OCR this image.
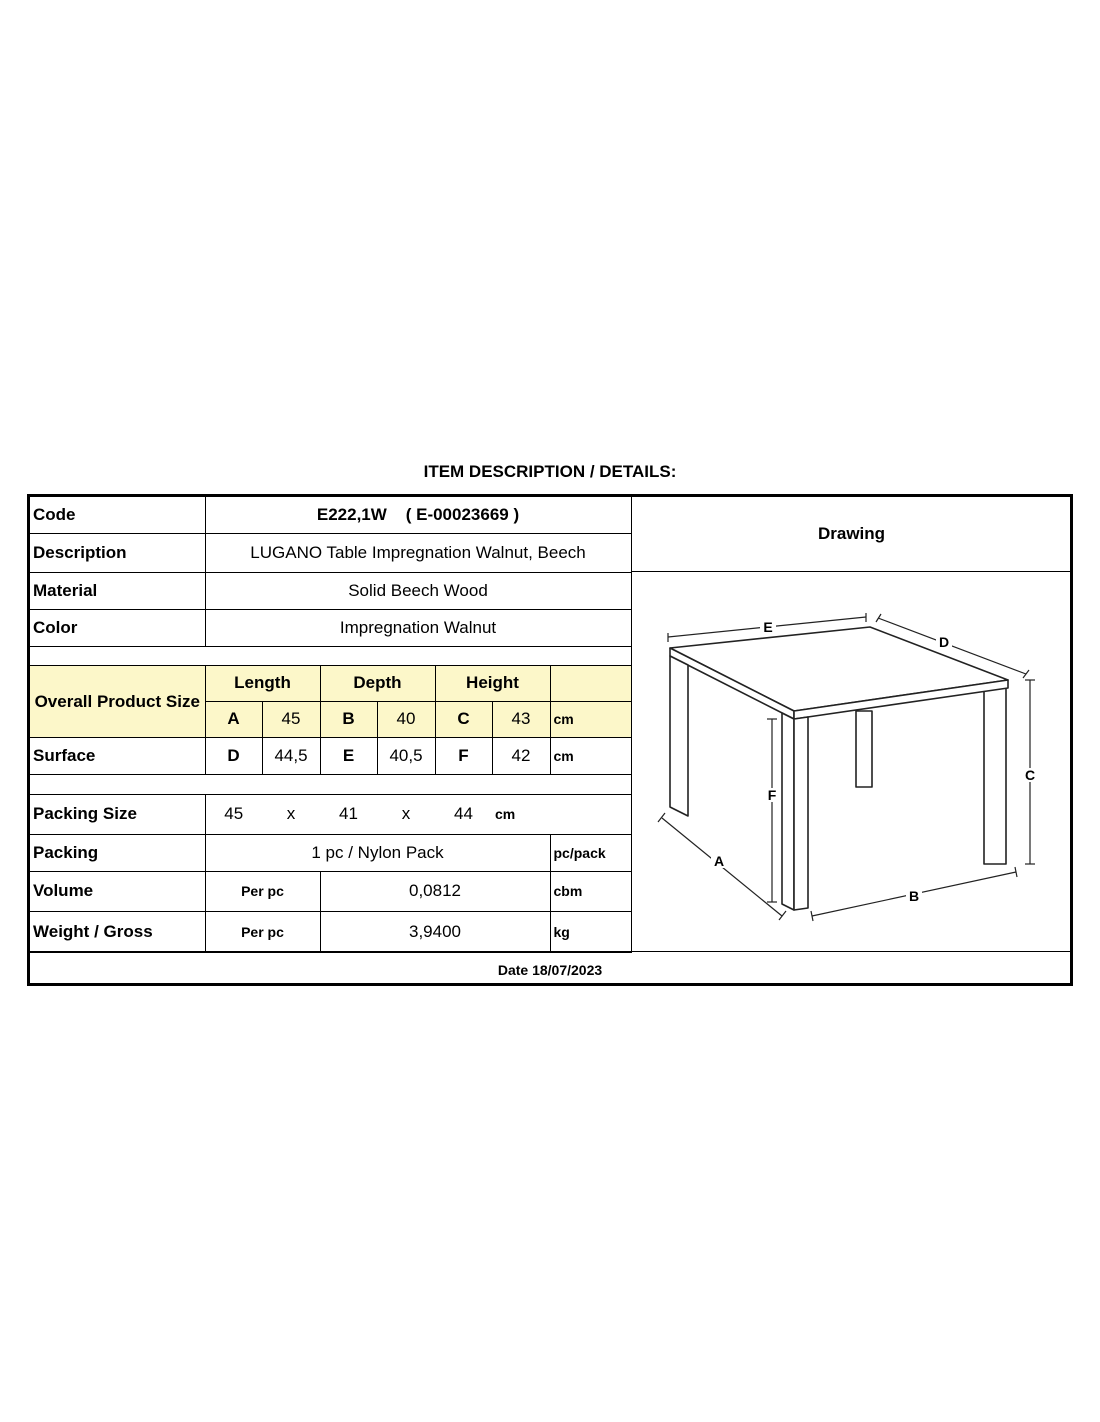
ITEM DESCRIPTION / DETAILS:
Code	E222,1W ( E-00023669 )						
Description	LUGANO Table Impregnation Walnut, Beech						
Material	Solid Beech Wood						
Color	Impregnation Walnut						

Overall Product Size	Length		Depth		Height		
	A	45	B	40	C	43	cm
Surface	D	44,5	E	40,5	F	42	cm

Packing Size	45	x	41	x	44	cm	
Packing	1 pc / Nylon Pack						pc/pack
Volume	Per pc		0,0812				cbm
Weight / Gross	Per pc		3,9400				kg
Drawing
E
D
C
F
A
B
Date 18/07/2023
